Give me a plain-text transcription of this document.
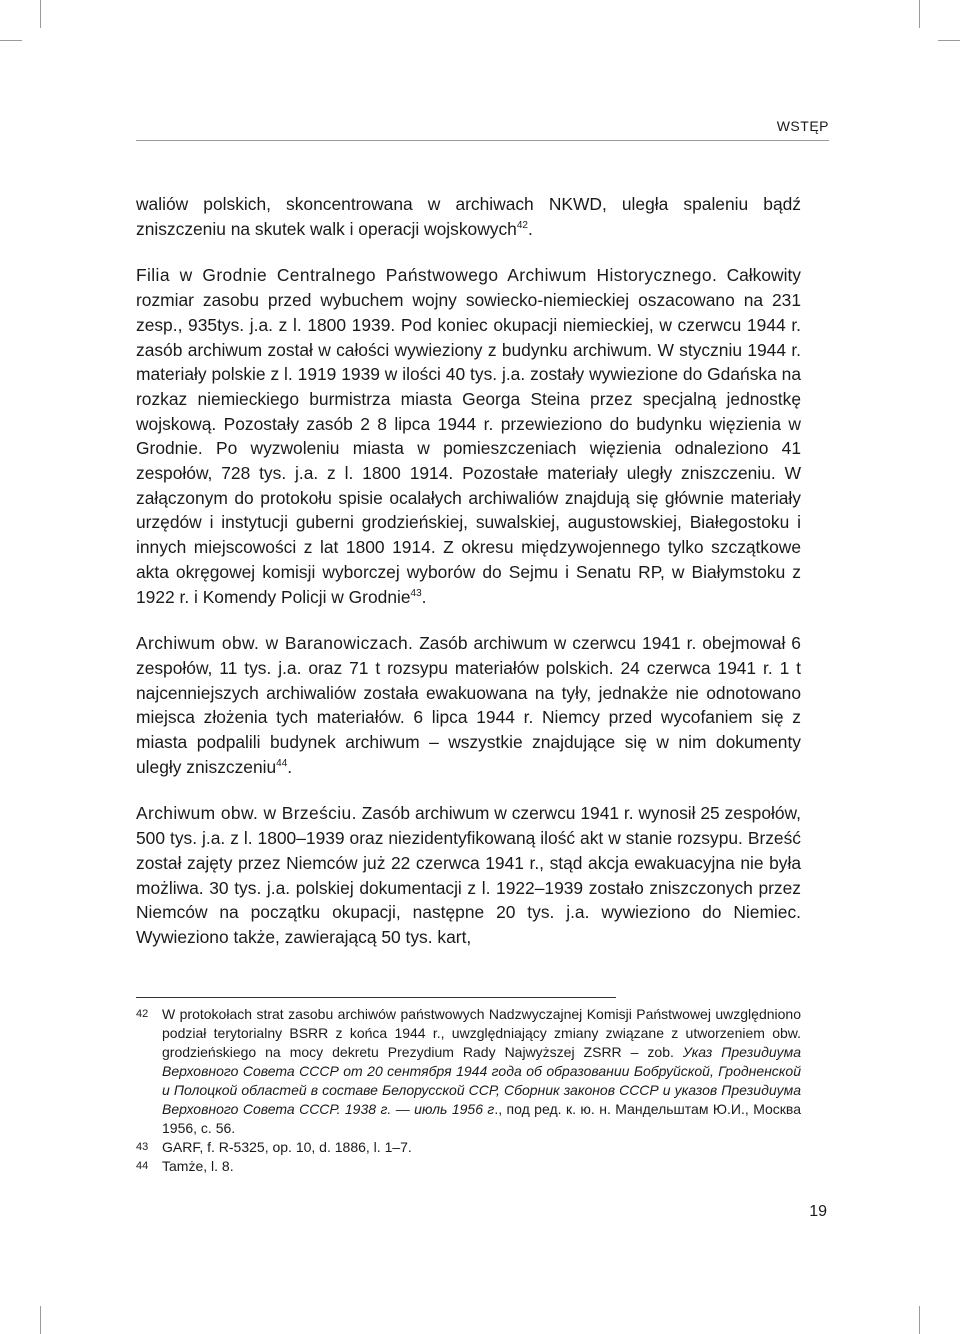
WSTĘP

waliów polskich, skoncentrowana w archiwach NKWD, uległa spaleniu bądź zniszczeniu na skutek walk i operacji wojskowych$^{42}$.

Filia w Grodnie Centralnego Państwowego Archiwum Historycznego. Całkowity rozmiar zasobu przed wybuchem wojny sowiecko-niemieckiej oszacowano na 231 zesp., 935tys. j.a. z l. 1800 1939. Pod koniec okupacji niemieckiej, w czerwcu 1944 r. zasób archiwum został w całości wywieziony z budynku archiwum. W styczniu 1944 r. materiały polskie z l. 1919 1939 w ilości 40 tys. j.a. zostały wywiezione do Gdańska na rozkaz niemieckiego burmistrza miasta Georga Steina przez specjalną jednostkę wojskową. Pozostały zasób 2 8 lipca 1944 r. przewieziono do budynku więzienia w Grodnie. Po wyzwoleniu miasta w pomieszczeniach więzienia odnaleziono 41 zespołów, 728 tys. j.a. z l. 1800 1914. Pozostałe materiały uległy zniszczeniu. W załączonym do protokołu spisie ocalałych archiwaliów znajdują się głównie materiały urzędów i instytucji guberni grodzieńskiej, suwalskiej, augustowskiej, Białegostoku i innych miejscowości z lat 1800 1914. Z okresu międzywojennego tylko szczątkowe akta okręgowej komisji wyborczej wyborów do Sejmu i Senatu RP, w Białymstoku z 1922 r. i Komendy Policji w Grodnie$^{43}$.

Archiwum obw. w Baranowiczach. Zasób archiwum w czerwcu 1941 r. obejmował 6 zespołów, 11 tys. j.a. oraz 71 t rozsypu materiałów polskich. 24 czerwca 1941 r. 1 t najcenniejszych archiwaliów została ewakuowana na tyły, jednakże nie odnotowano miejsca złożenia tych materiałów. 6 lipca 1944 r. Niemcy przed wycofaniem się z miasta podpalili budynek archiwum – wszystkie znajdujące się w nim dokumenty uległy zniszczeniu$^{44}$.

Archiwum obw. w Brześciu. Zasób archiwum w czerwcu 1941 r. wynosił 25 zespołów, 500 tys. j.a. z l. 1800–1939 oraz niezidentyfikowaną ilość akt w stanie rozsypu. Brześć został zajęty przez Niemców już 22 czerwca 1941 r., stąd akcja ewakuacyjna nie była możliwa. 30 tys. j.a. polskiej dokumentacji z l. 1922–1939 zostało zniszczonych przez Niemców na początku okupacji, następne 20 tys. j.a. wywieziono do Niemiec. Wywieziono także, zawierającą 50 tys. kart,

42 W protokołach strat zasobu archiwów państwowych Nadzwyczajnej Komisji Państwowej uwzględniono podział terytorialny BSRR z końca 1944 r., uwzględniający zmiany związane z utworzeniem obw. grodzieńskiego na mocy dekretu Prezydium Rady Najwyższej ZSRR – zob. Указ Президиума Верховного Совета СССР от 20 сентября 1944 года об образовании Бобруйской, Гродненской и Полоцкой областей в составе Белорусской ССР, Сборник законов СССР и указов Президиума Верховного Совета СССР. 1938 г. — июль 1956 г., под ред. к. ю. н. Мандельштам Ю.И., Москва 1956, с. 56.
43 GARF, f. R-5325, op. 10, d. 1886, l. 1–7.
44 Tamże, l. 8.
19
